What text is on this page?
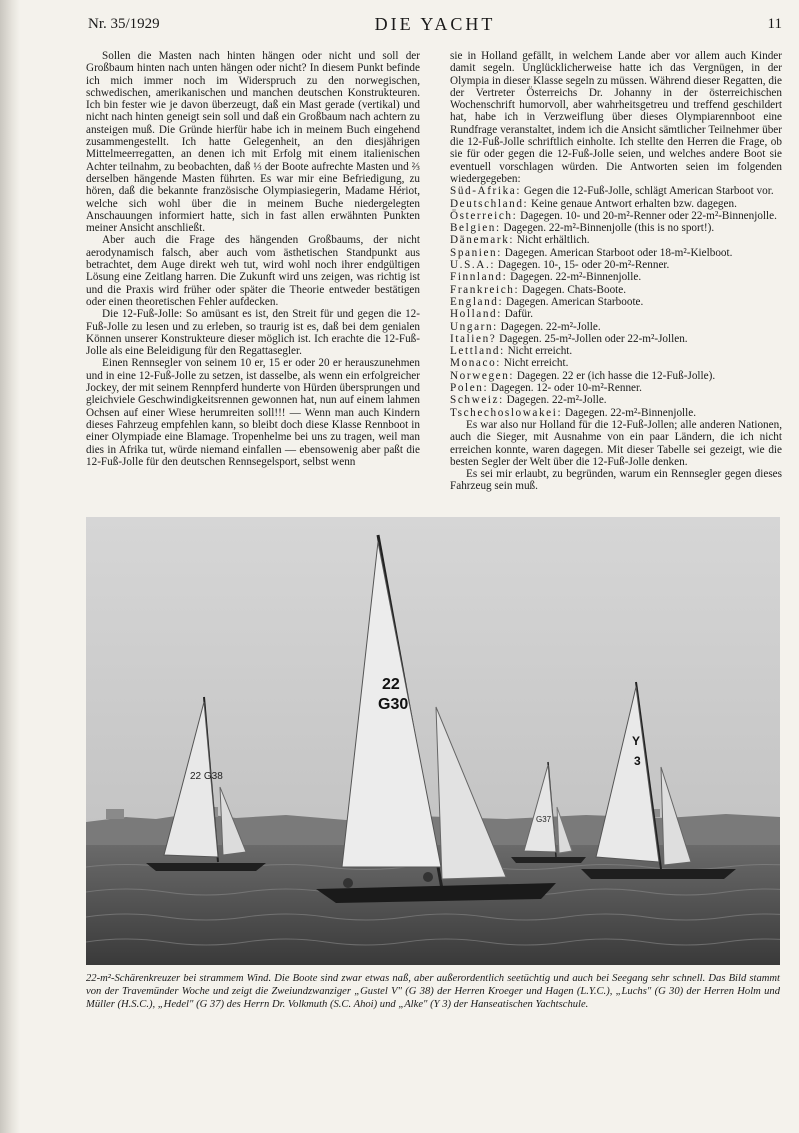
Nr. 35/1929	DIE YACHT	11

Sollen die Masten nach hinten hängen oder nicht und soll der Großbaum hinten nach unten hängen oder nicht? In diesem Punkt befinde ich mich immer noch im Widerspruch zu den norwegischen, schwedischen, amerikanischen und manchen deutschen Konstrukteuren. Ich bin fester wie je davon überzeugt, daß ein Mast gerade (vertikal) und nicht nach hinten geneigt sein soll und daß ein Großbaum nach achtern zu ansteigen muß. Die Gründe hierfür habe ich in meinem Buch eingehend zusammengestellt. Ich hatte Gelegenheit, an den diesjährigen Mittelmeerregatten, an denen ich mit Erfolg mit einem italienischen Achter teilnahm, zu beobachten, daß ⅓ der Boote aufrechte Masten und ⅔ derselben hängende Masten führten. Es war mir eine Befriedigung, zu hören, daß die bekannte französische Olympiasiegerin, Madame Hériot, welche sich wohl über die in meinem Buche niedergelegten Anschauungen informiert hatte, sich in fast allen erwähnten Punkten meiner Ansicht anschließt.

Aber auch die Frage des hängenden Großbaums, der nicht aerodynamisch falsch, aber auch vom ästhetischen Standpunkt aus betrachtet, dem Auge direkt weh tut, wird wohl noch ihrer endgültigen Lösung eine Zeitlang harren. Die Zukunft wird uns zeigen, was richtig ist und die Praxis wird früher oder später die Theorie entweder bestätigen oder einen theoretischen Fehler aufdecken.

Die 12-Fuß-Jolle: So amüsant es ist, den Streit für und gegen die 12-Fuß-Jolle zu lesen und zu erleben, so traurig ist es, daß bei dem genialen Können unserer Konstrukteure dieser möglich ist. Ich erachte die 12-Fuß-Jolle als eine Beleidigung für den Regattasegler.

Einen Rennsegler von seinem 10 er, 15 er oder 20 er herauszunehmen und in eine 12-Fuß-Jolle zu setzen, ist dasselbe, als wenn ein erfolgreicher Jockey, der mit seinem Rennpferd hunderte von Hürden übersprungen und gleichviele Geschwindigkeitsrennen gewonnen hat, nun auf einem lahmen Ochsen auf einer Wiese herumreiten soll!!! — Wenn man auch Kindern dieses Fahrzeug empfehlen kann, so bleibt doch diese Klasse Rennboot in einer Olympiade eine Blamage. Tropenhelme bei uns zu tragen, weil man dies in Afrika tut, würde niemand einfallen — ebensowenig aber paßt die 12-Fuß-Jolle für den deutschen Rennsegelsport, selbst wenn

sie in Holland gefällt, in welchem Lande aber vor allem auch Kinder damit segeln. Unglücklicherweise hatte ich das Vergnügen, in der Olympia in dieser Klasse segeln zu müssen. Während dieser Regatten, die der Vertreter Österreichs Dr. Johanny in der österreichischen Wochenschrift humorvoll, aber wahrheitsgetreu und treffend geschildert hat, habe ich in Verzweiflung über dieses Olympiarennboot eine Rundfrage veranstaltet, indem ich die Ansicht sämtlicher Teilnehmer über die 12-Fuß-Jolle schriftlich einholte. Ich stellte den Herren die Frage, ob sie für oder gegen die 12-Fuß-Jolle seien, und welches andere Boot sie eventuell vorschlagen würden. Die Antworten seien im folgenden wiedergegeben:

Süd-Afrika: Gegen die 12-Fuß-Jolle, schlägt American Starboot vor.

Deutschland: Keine genaue Antwort erhalten bzw. dagegen.

Österreich: Dagegen. 10- und 20-m²-Renner oder 22-m²-Binnenjolle.

Belgien: Dagegen. 22-m²-Binnenjolle (this is no sport!).

Dänemark: Nicht erhältlich.

Spanien: Dagegen. American Starboot oder 18-m²-Kielboot.

U.S.A.: Dagegen. 10-, 15- oder 20-m²-Renner.

Finnland: Dagegen. 22-m²-Binnenjolle.

Frankreich: Dagegen. Chats-Boote.

England: Dagegen. American Starboote.

Holland: Dafür.

Ungarn: Dagegen. 22-m²-Jolle.

Italien? Dagegen. 25-m²-Jollen oder 22-m²-Jollen.

Lettland: Nicht erreicht.

Monaco: Nicht erreicht.

Norwegen: Dagegen. 22 er (ich hasse die 12-Fuß-Jolle).

Polen: Dagegen. 12- oder 10-m²-Renner.

Schweiz: Dagegen. 22-m²-Jolle.

Tschechoslowakei: Dagegen. 22-m²-Binnenjolle.

Es war also nur Holland für die 12-Fuß-Jollen; alle anderen Nationen, auch die Sieger, mit Ausnahme von ein paar Ländern, die ich nicht erreichen konnte, waren dagegen. Mit dieser Tabelle sei gezeigt, wie die besten Segler der Welt über die 12-Fuß-Jolle denken.

Es sei mir erlaubt, zu begründen, warum ein Rennsegler gegen dieses Fahrzeug sein muß.

22 G38
22
G30
G37
Y
3
22-m²-Schärenkreuzer bei strammem Wind. Die Boote sind zwar etwas naß, aber außerordentlich seetüchtig und auch bei Seegang sehr schnell. Das Bild stammt von der Travemünder Woche und zeigt die Zweiundzwanziger „Gustel V" (G 38) der Herren Kroeger und Hagen (L.Y.C.), „Luchs" (G 30) der Herren Holm und Müller (H.S.C.), „Hedel" (G 37) des Herrn Dr. Volkmuth (S.C. Ahoi) und „Alke" (Y 3) der Hanseatischen Yachtschule.
